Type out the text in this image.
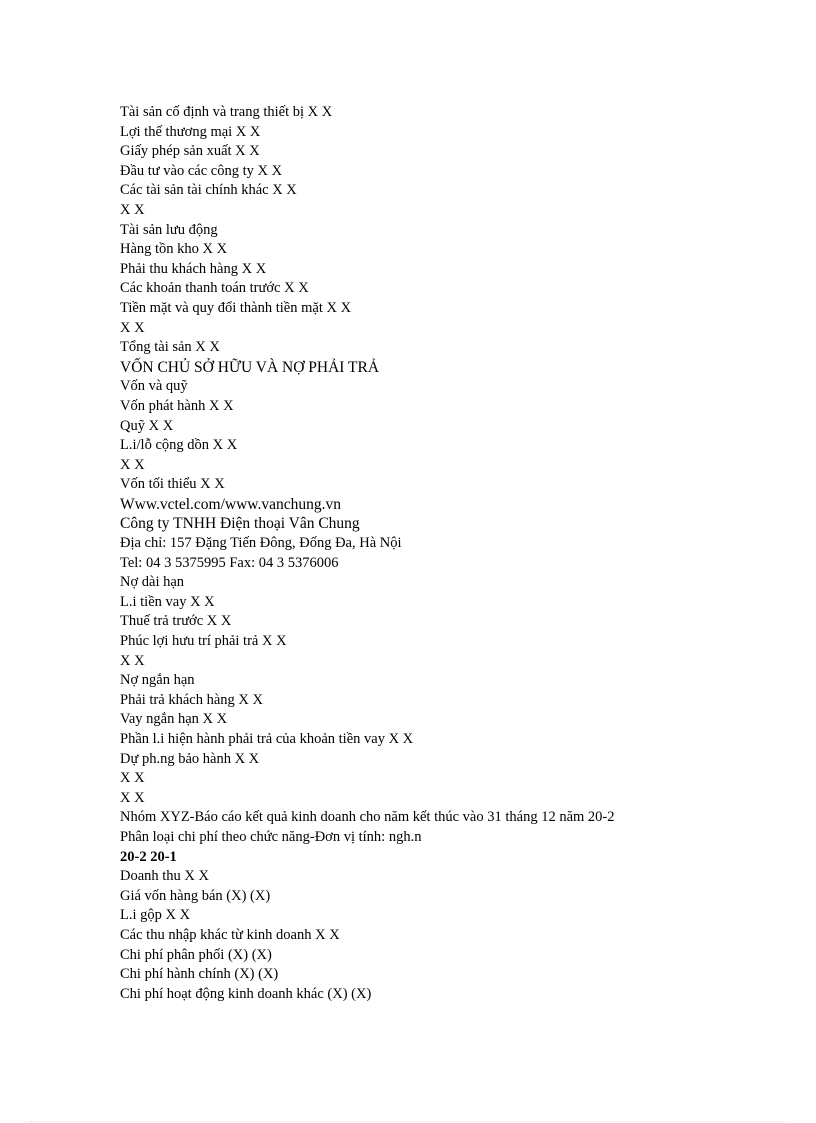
Tài sản cố định và trang thiết bị X X
Lợi thế thương mại X X
Giấy phép sản xuất X X
Đầu tư vào các công ty X X
Các tài sản tài chính khác X X
X X
Tài sản lưu động
Hàng tồn kho X X
Phải thu khách hàng X X
Các khoản thanh toán trước X X
Tiền mặt và quy đổi thành tiền mặt X X
X X
Tổng tài sản X X
VỐN CHỦ SỞ HỮU VÀ NỢ PHẢI TRẢ
Vốn và quỹ
Vốn phát hành X X
Quỹ X X
L.i/lỗ cộng dồn X X
X X
Vốn tối thiểu X X
Www.vctel.com/www.vanchung.vn
Công ty TNHH Điện thoại Vân Chung
Địa chỉ: 157 Đặng Tiến Đông, Đống Đa, Hà Nội
Tel: 04 3 5375995 Fax: 04 3 5376006
Nợ dài hạn
L.i tiền vay X X
Thuế trả trước X X
Phúc lợi hưu trí phải trả X X
X X
Nợ ngắn hạn
Phải trả khách hàng X X
Vay ngắn hạn X X
Phần l.i hiện hành phải trả của khoản tiền vay X X
Dự ph.ng bảo hành X X
X X
X X
Nhóm XYZ-Báo cáo kết quả kinh doanh cho năm kết thúc vào 31 tháng 12 năm 20-2
Phân loại chi phí theo chức năng-Đơn vị tính: ngh.n
20-2 20-1
Doanh thu X X
Giá vốn hàng bán (X) (X)
L.i gộp X X
Các thu nhập khác từ kinh doanh X X
Chi phí phân phối (X) (X)
Chi phí hành chính (X) (X)
Chi phí hoạt động kinh doanh khác (X) (X)
